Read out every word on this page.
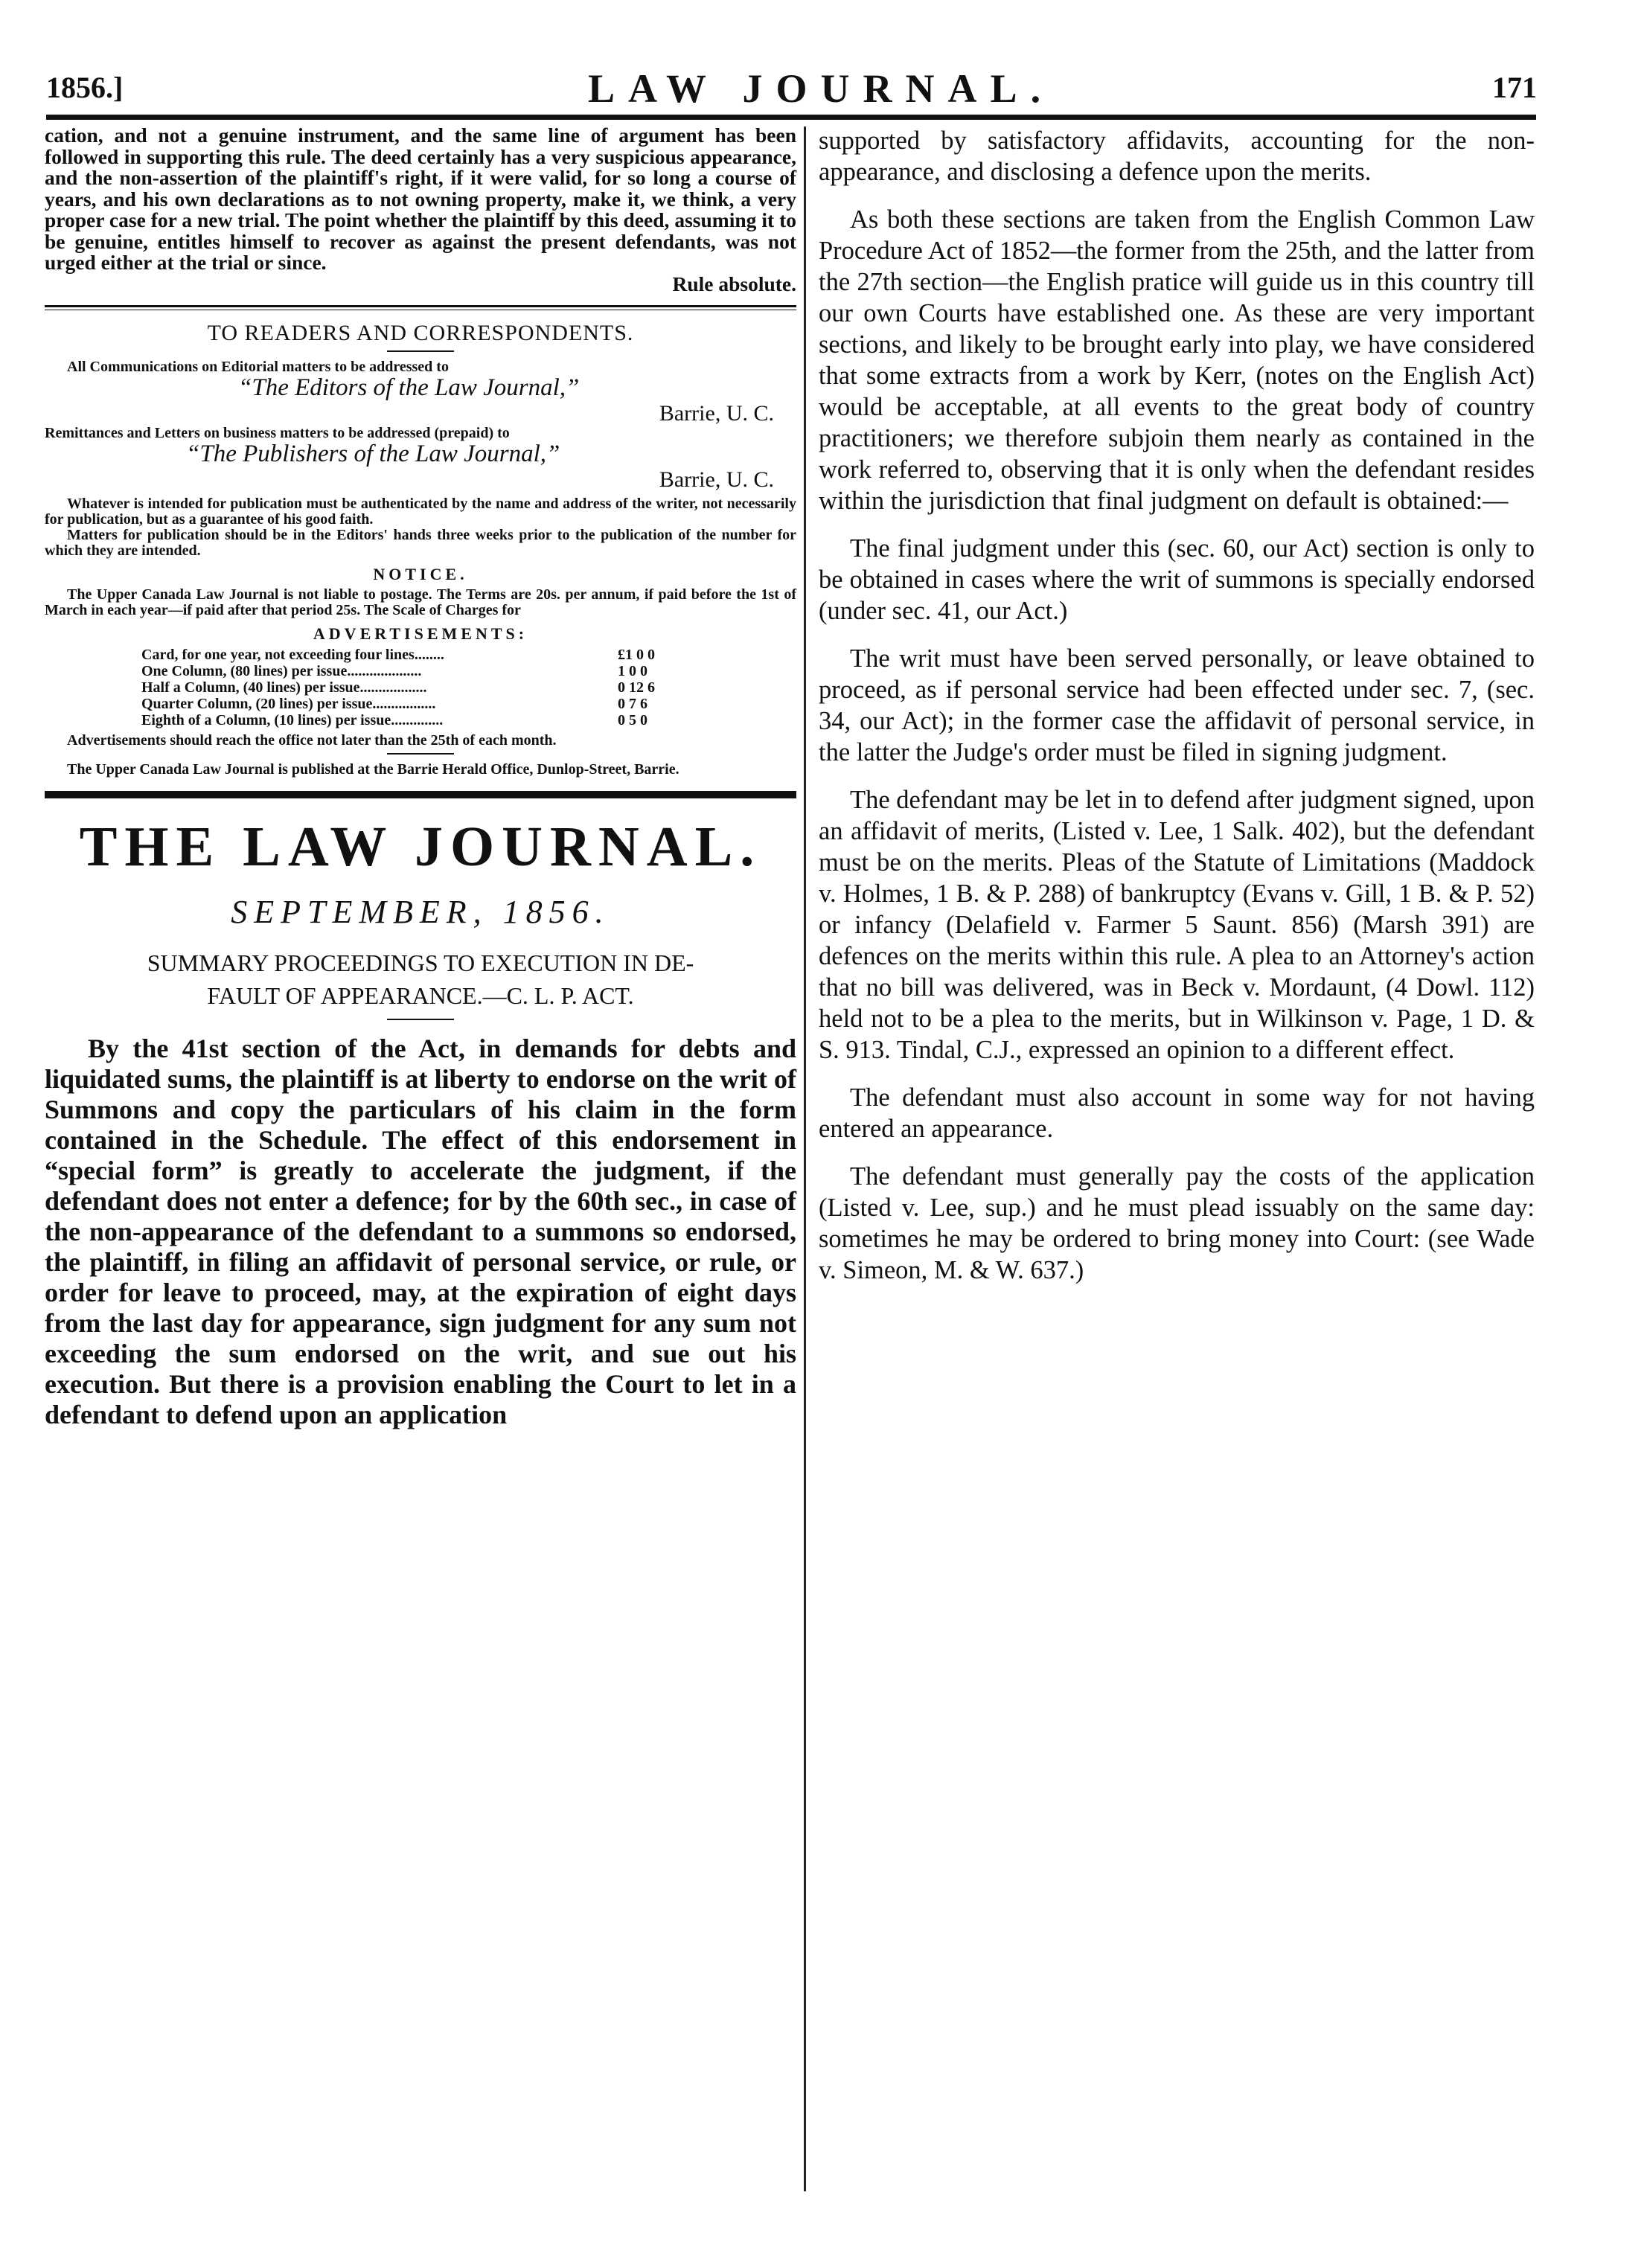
1856.]	LAW JOURNAL.	171

cation, and not a genuine instrument, and the same line of argument has been followed in supporting this rule. The deed certainly has a very suspicious appearance, and the non-assertion of the plaintiff's right, if it were valid, for so long a course of years, and his own declarations as to not owning property, make it, we think, a very proper case for a new trial. The point whether the plaintiff by this deed, assuming it to be genuine, entitles himself to recover as against the present defendants, was not urged either at the trial or since.

Rule absolute.

TO READERS AND CORRESPONDENTS.

All Communications on Editorial matters to be addressed to

“The Editors of the Law Journal,”

Barrie, U. C.

Remittances and Letters on business matters to be addressed (prepaid) to

“The Publishers of the Law Journal,”

Barrie, U. C.

Whatever is intended for publication must be authenticated by the name and address of the writer, not necessarily for publication, but as a guarantee of his good faith.

Matters for publication should be in the Editors' hands three weeks prior to the publication of the number for which they are intended.

NOTICE.

The Upper Canada Law Journal is not liable to postage. The Terms are 20s. per annum, if paid before the 1st of March in each year—if paid after that period 25s. The Scale of Charges for

ADVERTISEMENTS:
Card, for one year, not exceeding four lines........	£1 0 0
One Column, (80 lines) per issue....................	1 0 0
Half a Column, (40 lines) per issue..................	0 12 6
Quarter Column, (20 lines) per issue.................	0 7 6
Eighth of a Column, (10 lines) per issue..............	0 5 0

Advertisements should reach the office not later than the 25th of each month.

The Upper Canada Law Journal is published at the Barrie Herald Office, Dunlop-Street, Barrie.

THE LAW JOURNAL.
SEPTEMBER, 1856.
SUMMARY PROCEEDINGS TO EXECUTION IN DE-
FAULT OF APPEARANCE.—C. L. P. ACT.

By the 41st section of the Act, in demands for debts and liquidated sums, the plaintiff is at liberty to endorse on the writ of Summons and copy the particulars of his claim in the form contained in the Schedule. The effect of this endorsement in “special form” is greatly to accelerate the judgment, if the defendant does not enter a defence; for by the 60th sec., in case of the non-appearance of the defendant to a summons so endorsed, the plaintiff, in filing an affidavit of personal service, or rule, or order for leave to proceed, may, at the expiration of eight days from the last day for appearance, sign judgment for any sum not exceeding the sum endorsed on the writ, and sue out his execution. But there is a provision enabling the Court to let in a defendant to defend upon an application

supported by satisfactory affidavits, accounting for the non-appearance, and disclosing a defence upon the merits.

As both these sections are taken from the English Common Law Procedure Act of 1852—the former from the 25th, and the latter from the 27th section—the English pratice will guide us in this country till our own Courts have established one. As these are very important sections, and likely to be brought early into play, we have considered that some extracts from a work by Kerr, (notes on the English Act) would be acceptable, at all events to the great body of country practitioners; we therefore subjoin them nearly as contained in the work referred to, observing that it is only when the defendant resides within the jurisdiction that final judgment on default is obtained:—

The final judgment under this (sec. 60, our Act) section is only to be obtained in cases where the writ of summons is specially endorsed (under sec. 41, our Act.)

The writ must have been served personally, or leave obtained to proceed, as if personal service had been effected under sec. 7, (sec. 34, our Act); in the former case the affidavit of personal service, in the latter the Judge's order must be filed in signing judgment.

The defendant may be let in to defend after judgment signed, upon an affidavit of merits, (Listed v. Lee, 1 Salk. 402), but the defendant must be on the merits. Pleas of the Statute of Limitations (Maddock v. Holmes, 1 B. & P. 288) of bankruptcy (Evans v. Gill, 1 B. & P. 52) or infancy (Delafield v. Farmer 5 Saunt. 856) (Marsh 391) are defences on the merits within this rule. A plea to an Attorney's action that no bill was delivered, was in Beck v. Mordaunt, (4 Dowl. 112) held not to be a plea to the merits, but in Wilkinson v. Page, 1 D. & S. 913. Tindal, C.J., expressed an opinion to a different effect.

The defendant must also account in some way for not having entered an appearance.

The defendant must generally pay the costs of the application (Listed v. Lee, sup.) and he must plead issuably on the same day: sometimes he may be ordered to bring money into Court: (see Wade v. Simeon, M. & W. 637.)
